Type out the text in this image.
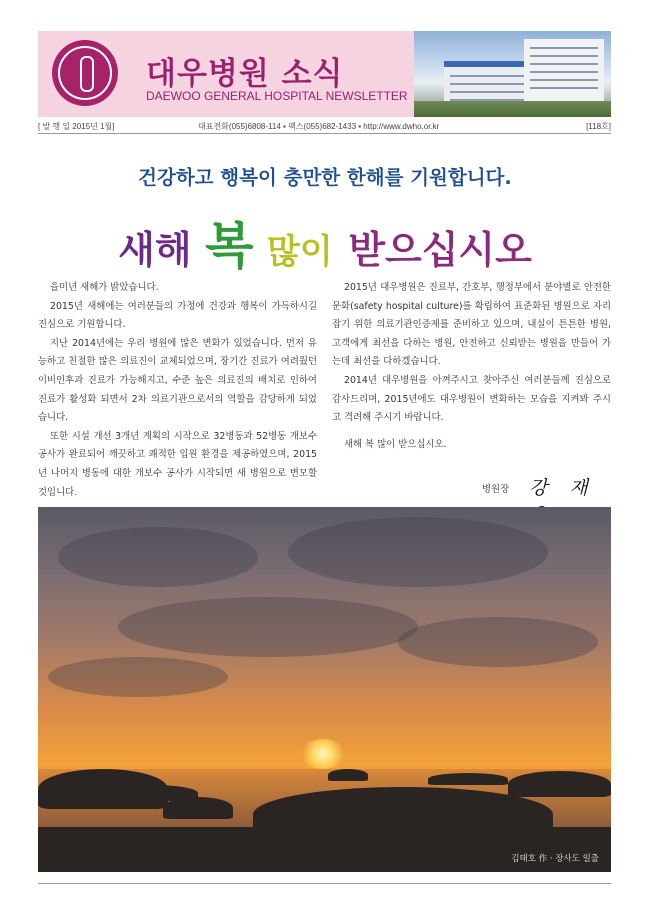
대우병원 소식
DAEWOO GENERAL HOSPITAL NEWSLETTER
[ 발 행 일 2015년 1월]	대표전화(055)6808-114 ▪ 팩스(055)682-1433 ▪ http://www.dwho.or.kr	[118호]
건강하고 행복이 충만한 한해를 기원합니다.
새해 복 많이 받으십시오

을미년 새해가 밝았습니다.

2015년 새해에는 여러분들의 가정에 건강과 행복이 가득하시길 진심으로 기원합니다.

지난 2014년에는 우리 병원에 많은 변화가 있었습니다. 먼저 유능하고 친절한 많은 의료진이 교체되었으며, 장기간 진료가 여려웠던 이비인후과 진료가 가능해지고, 수준 높은 의료진의 배치로 인하여 진료가 활성화 되면서 2차 의료기관으로서의 역할을 감당하게 되었습니다.

또한 시설 개선 3개년 계획의 시작으로 32병동과 52병동 개보수공사가 완료되어 깨끗하고 쾌적한 입원 환경을 제공하였으며, 2015년 나머지 병동에 대한 개보수 공사가 시작되면 새 병원으로 변모할 것입니다.

2015년 대우병원은 진료부, 간호부, 행정부에서 분야별로 안전한 문화(safety hospital culture)를 확립하여 표준화된 병원으로 자리 잡기 위한 의료기관인증제를 준비하고 있으며, 내실이 튼튼한 병원, 고객에게 최선을 다하는 병원, 안전하고 신뢰받는 병원을 만들어 가는데 최선을 다하겠습니다.

2014년 대우병원을 아껴주시고 찾아주신 여러분들께 진심으로 감사드리며, 2015년에도 대우병원이 변화하는 모습을 지켜봐 주시고 격려해 주시기 바랍니다.

새해 복 많이 받으십시오.

병원장 강 재
김태호 作 · 장사도 일출
